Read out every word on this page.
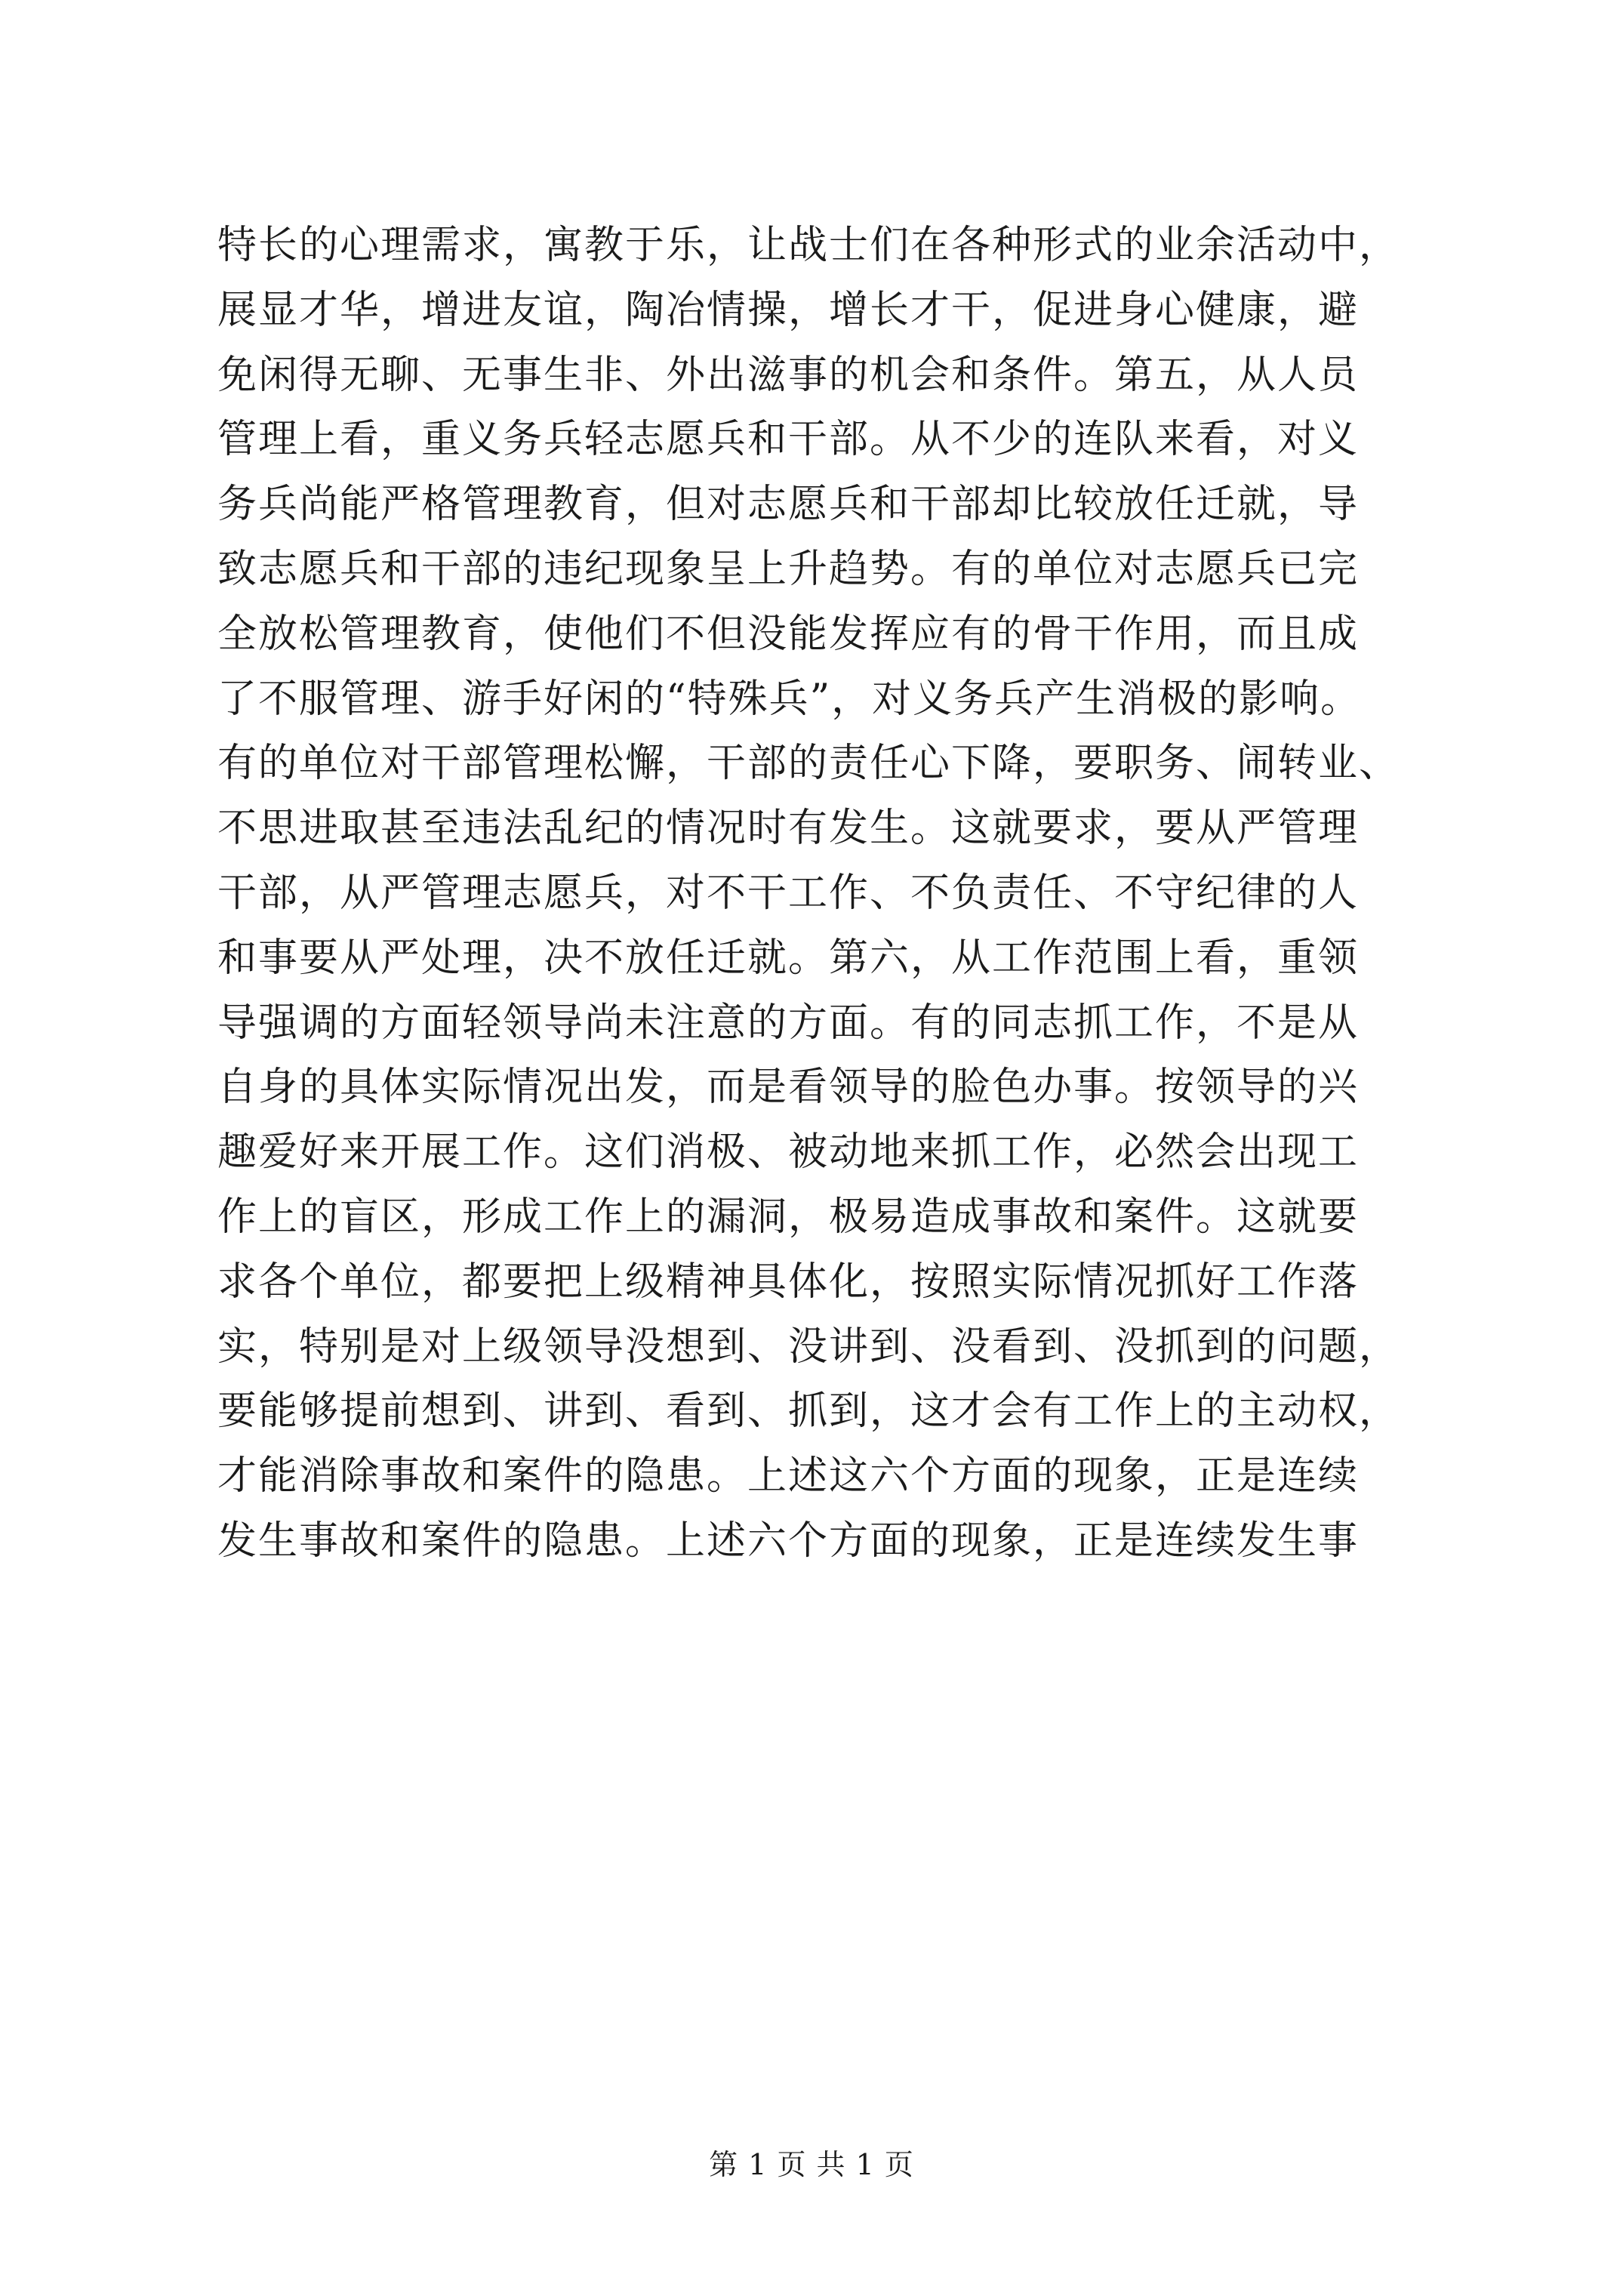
特长的心理需求，寓教于乐，让战士们在各种形式的业余活动中，
展显才华，增进友谊，陶冶情操，增长才干，促进身心健康，避
免闲得无聊、无事生非、外出滋事的机会和条件。第五，从人员
管理上看，重义务兵轻志愿兵和干部。从不少的连队来看，对义
务兵尚能严格管理教育，但对志愿兵和干部却比较放任迁就，导
致志愿兵和干部的违纪现象呈上升趋势。有的单位对志愿兵已完
全放松管理教育，使他们不但没能发挥应有的骨干作用，而且成
了不服管理、游手好闲的“特殊兵”，对义务兵产生消极的影响。
有的单位对干部管理松懈，干部的责任心下降，要职务、闹转业、
不思进取甚至违法乱纪的情况时有发生。这就要求，要从严管理
干部，从严管理志愿兵，对不干工作、不负责任、不守纪律的人
和事要从严处理，决不放任迁就。第六，从工作范围上看，重领
导强调的方面轻领导尚未注意的方面。有的同志抓工作，不是从
自身的具体实际情况出发，而是看领导的脸色办事。按领导的兴
趣爱好来开展工作。这们消极、被动地来抓工作，必然会出现工
作上的盲区，形成工作上的漏洞，极易造成事故和案件。这就要
求各个单位，都要把上级精神具体化，按照实际情况抓好工作落
实，特别是对上级领导没想到、没讲到、没看到、没抓到的问题，
要能够提前想到、讲到、看到、抓到，这才会有工作上的主动权，
才能消除事故和案件的隐患。上述这六个方面的现象，正是连续
发生事故和案件的隐患。上述六个方面的现象，正是连续发生事
第 1 页 共 1 页
